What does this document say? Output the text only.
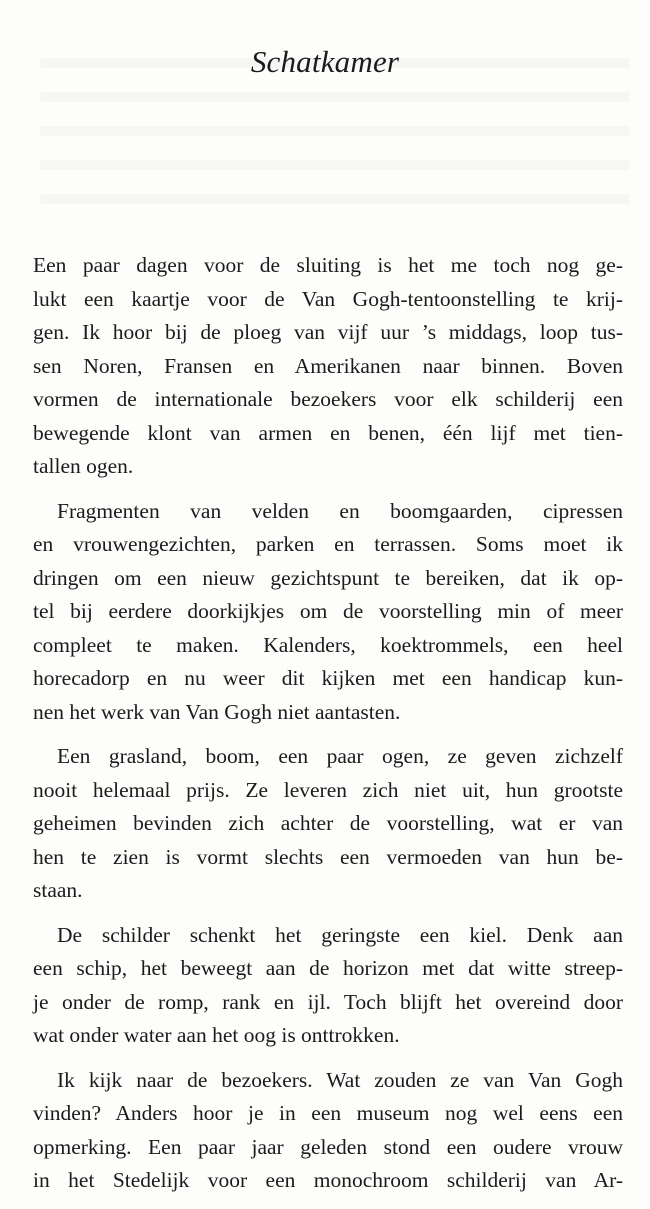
Schatkamer
Een paar dagen voor de sluiting is het me toch nog ge-
lukt een kaartje voor de Van Gogh-tentoonstelling te krij-
gen. Ik hoor bij de ploeg van vijf uur ’s middags, loop tus-
sen Noren, Fransen en Amerikanen naar binnen. Boven
vormen de internationale bezoekers voor elk schilderij een
bewegende klont van armen en benen, één lijf met tien-
tallen ogen.
Fragmenten van velden en boomgaarden, cipressen
en vrouwengezichten, parken en terrassen. Soms moet ik
dringen om een nieuw gezichtspunt te bereiken, dat ik op-
tel bij eerdere doorkijkjes om de voorstelling min of meer
compleet te maken. Kalenders, koektrommels, een heel
horecadorp en nu weer dit kijken met een handicap kun-
nen het werk van Van Gogh niet aantasten.
Een grasland, boom, een paar ogen, ze geven zichzelf
nooit helemaal prijs. Ze leveren zich niet uit, hun grootste
geheimen bevinden zich achter de voorstelling, wat er van
hen te zien is vormt slechts een vermoeden van hun be-
staan.
De schilder schenkt het geringste een kiel. Denk aan
een schip, het beweegt aan de horizon met dat witte streep-
je onder de romp, rank en ijl. Toch blijft het overeind door
wat onder water aan het oog is onttrokken.
Ik kijk naar de bezoekers. Wat zouden ze van Van Gogh
vinden? Anders hoor je in een museum nog wel eens een
opmerking. Een paar jaar geleden stond een oudere vrouw
in het Stedelijk voor een monochroom schilderij van Ar-
